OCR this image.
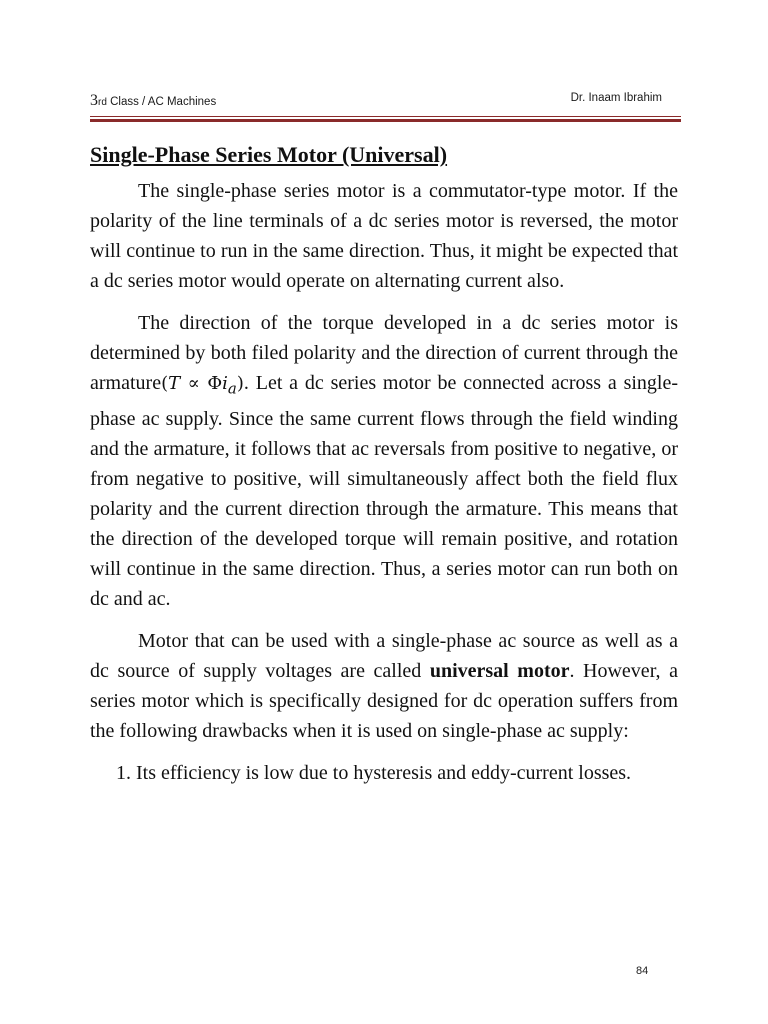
3rd Class / AC Machines	Dr. Inaam Ibrahim
Single-Phase Series Motor (Universal)

The single-phase series motor is a commutator-type motor. If the polarity of the line terminals of a dc series motor is reversed, the motor will continue to run in the same direction. Thus, it might be expected that a dc series motor would operate on alternating current also.

The direction of the torque developed in a dc series motor is determined by both filed polarity and the direction of current through the armature(T ∝ $\Phi i_a$). Let a dc series motor be connected across a single-phase ac supply. Since the same current flows through the field winding and the armature, it follows that ac reversals from positive to negative, or from negative to positive, will simultaneously affect both the field flux polarity and the current direction through the armature. This means that the direction of the developed torque will remain positive, and rotation will continue in the same direction. Thus, a series motor can run both on dc and ac.

Motor that can be used with a single-phase ac source as well as a dc source of supply voltages are called universal motor. However, a series motor which is specifically designed for dc operation suffers from the following drawbacks when it is used on single-phase ac supply:

1. Its efficiency is low due to hysteresis and eddy-current losses.
84
